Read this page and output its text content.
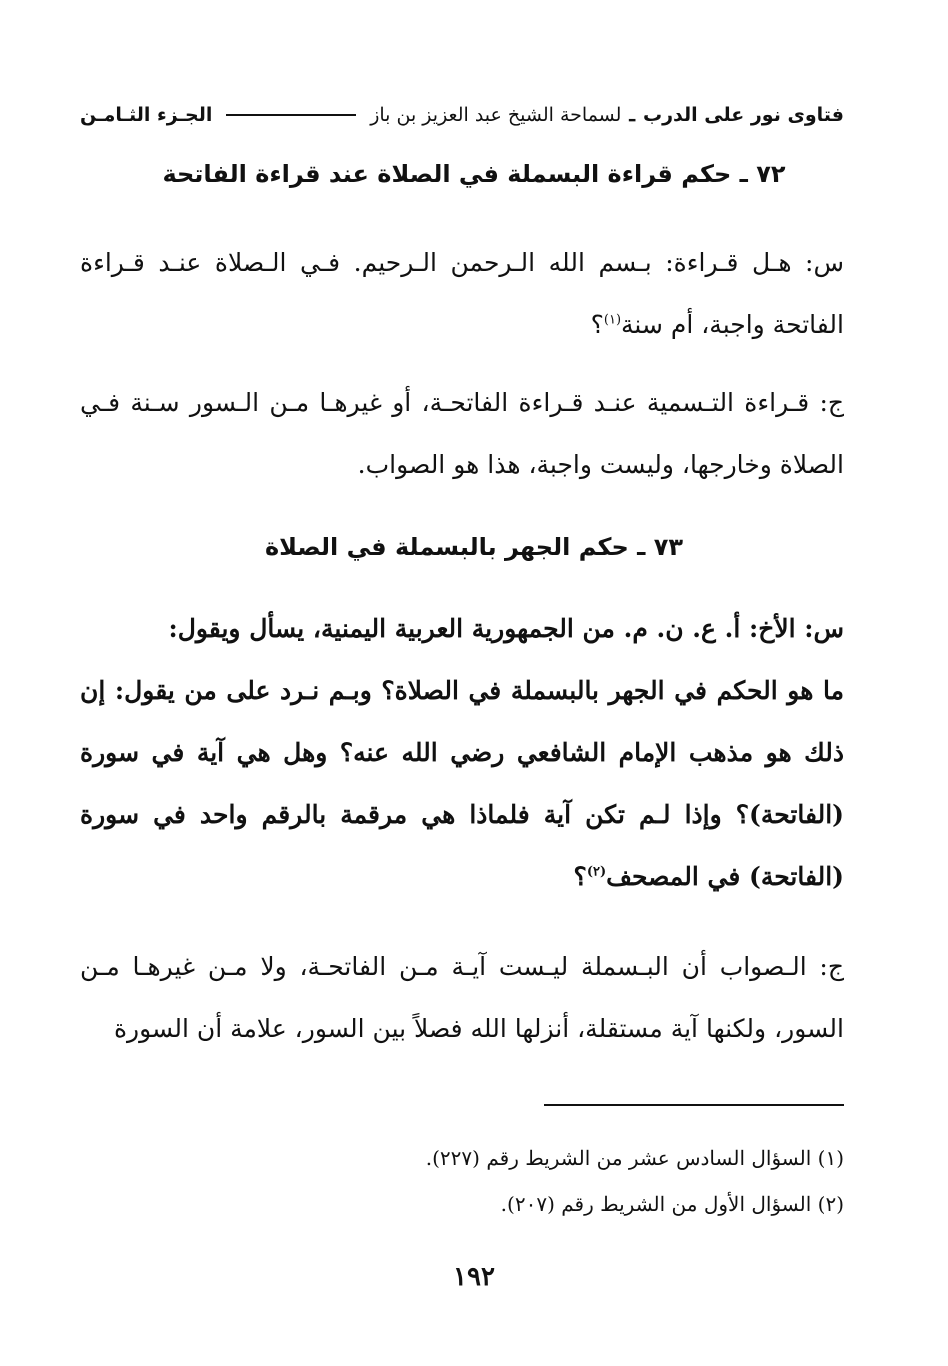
فتاوى نور على الدرب
ـ
لسماحة الشيخ عبد العزيز بن باز
الجـزء الثـامـن
٧٢ ـ حكم قراءة البسملة في الصلاة عند قراءة الفاتحة

س: هـل قـراءة: بـسم الله الـرحمن الـرحيم. فـي الـصلاة عنـد قـراءة الفاتحة واجبة، أم سنة$^{(١)}$؟

ج: قـراءة التـسمية عنـد قـراءة الفاتحـة، أو غيرهـا مـن الـسور سـنة فـي الصلاة وخارجها، وليست واجبة، هذا هو الصواب.

٧٣ ـ حكم الجهر بالبسملة في الصلاة

س: الأخ: أ. ع. ن. م. من الجمهورية العربية اليمنية، يسأل ويقول:

ما هو الحكم في الجهر بالبسملة في الصلاة؟ وبـم نـرد على من يقول: إن ذلك هو مذهب الإمام الشافعي رضي الله عنه؟ وهل هي آية في سورة (الفاتحة)؟ وإذا لـم تكن آية فلماذا هي مرقمة بالرقم واحد في سورة (الفاتحة) في المصحف$^{(٢)}$؟

ج: الـصواب أن البـسملة ليـست آيـة مـن الفاتحـة، ولا مـن غيرهـا مـن السور، ولكنها آية مستقلة، أنزلها الله فصلاً بين السور، علامة أن السورة

(١) السؤال السادس عشر من الشريط رقم (٢٢٧).
(٢) السؤال الأول من الشريط رقم (٢٠٧).
١٩٢
